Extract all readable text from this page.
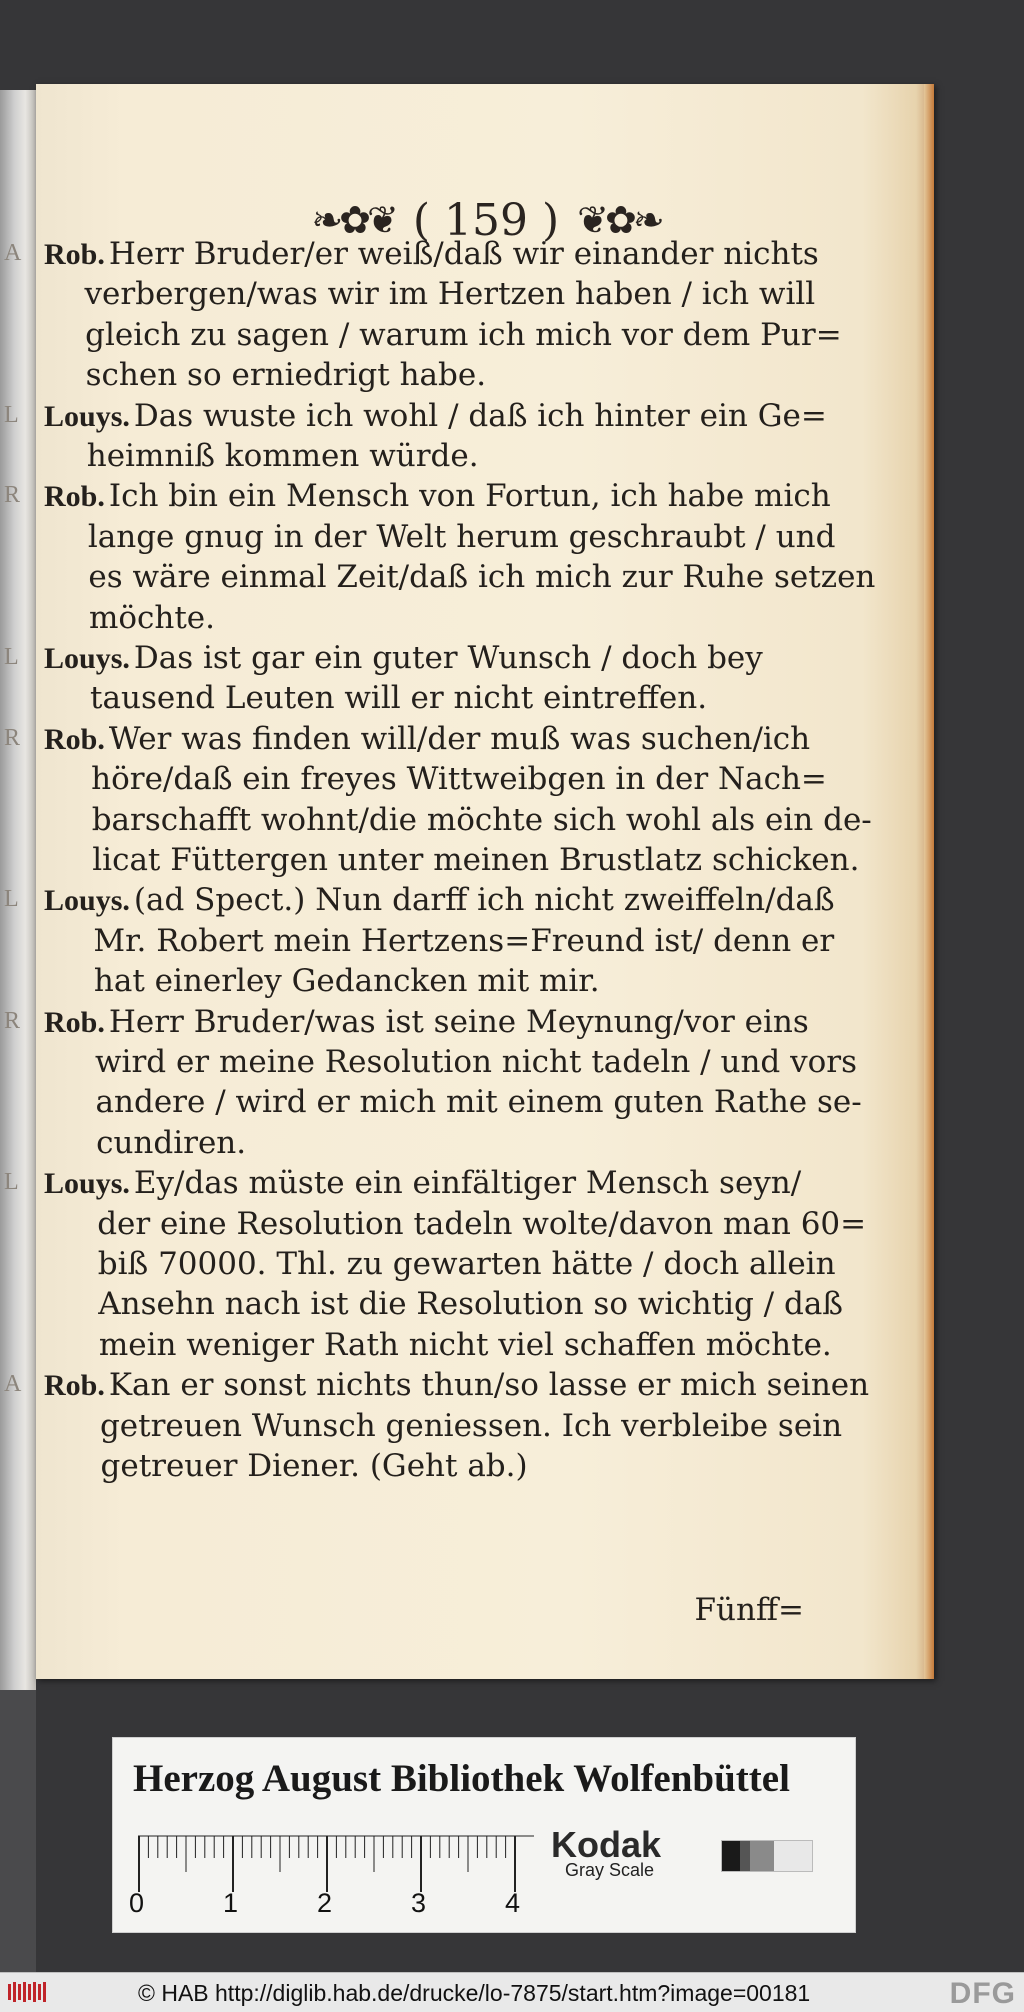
❧✿❦ ( 159 ) ❦✿❧
Rob. Herr Bruder/er weiß/daß wir einander nichts
verbergen/was wir im Hertzen haben / ich will
gleich zu sagen / warum ich mich vor dem Pur=
schen so erniedrigt habe.
Louys. Das wuste ich wohl / daß ich hinter ein Ge=
heimniß kommen würde.
Rob. Ich bin ein Mensch von Fortun, ich habe mich
lange gnug in der Welt herum geschraubt / und
es wäre einmal Zeit/daß ich mich zur Ruhe setzen
möchte.
Louys. Das ist gar ein guter Wunsch / doch bey
tausend Leuten will er nicht eintreffen.
Rob. Wer was finden will/der muß was suchen/ich
höre/daß ein freyes Wittweibgen in der Nach=
barschafft wohnt/die möchte sich wohl als ein de-
licat Füttergen unter meinen Brustlatz schicken.
Louys. (ad Spect.) Nun darff ich nicht zweiffeln/daß
Mr. Robert mein Hertzens=Freund ist/ denn er
hat einerley Gedancken mit mir.
Rob. Herr Bruder/was ist seine Meynung/vor eins
wird er meine Resolution nicht tadeln / und vors
andere / wird er mich mit einem guten Rathe se-
cundiren.
Louys. Ey/das müste ein einfältiger Mensch seyn/
der eine Resolution tadeln wolte/davon man 60=
biß 70000. Thl. zu gewarten hätte / doch allein
Ansehn nach ist die Resolution so wichtig / daß
mein weniger Rath nicht viel schaffen möchte.
Rob. Kan er sonst nichts thun/so lasse er mich seinen
getreuen Wunsch geniessen. Ich verbleibe sein
getreuer Diener. (Geht ab.)
Fünff=
Herzog August Bibliothek Wolfenbüttel
0	1	2	3	4
Kodak
Gray Scale
© HAB http://diglib.hab.de/drucke/lo-7875/start.htm?image=00181	DFG
A
L
R
L
R
L
R
L
A
